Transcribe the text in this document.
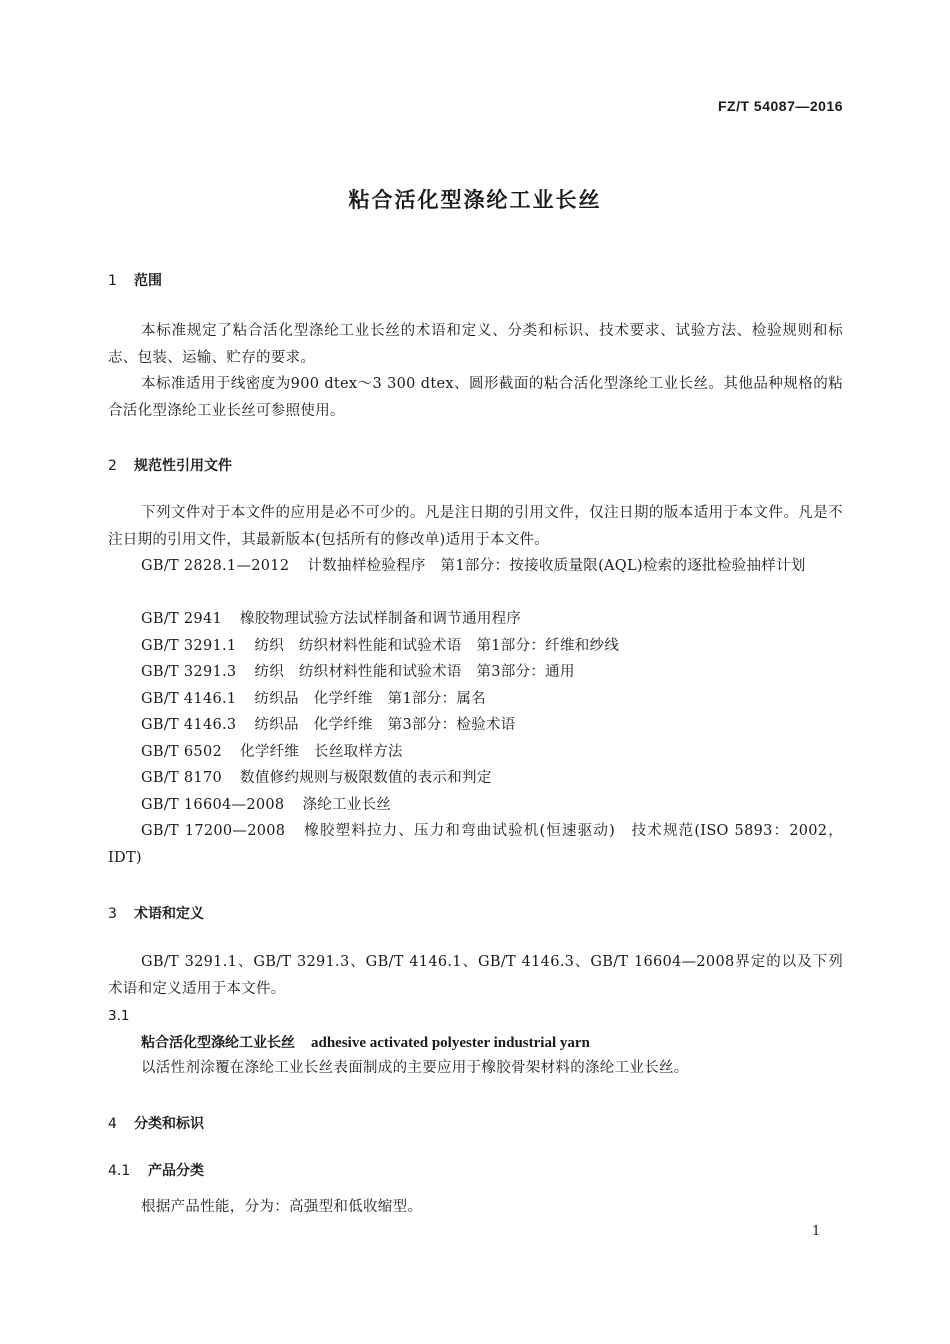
FZ/T 54087—2016
粘合活化型涤纶工业长丝
1 范围
本标准规定了粘合活化型涤纶工业长丝的术语和定义、分类和标识、技术要求、试验方法、检验规则和标志、包装、运输、贮存的要求。
本标准适用于线密度为900 dtex～3 300 dtex、圆形截面的粘合活化型涤纶工业长丝。其他品种规格的粘合活化型涤纶工业长丝可参照使用。
2 规范性引用文件
下列文件对于本文件的应用是必不可少的。凡是注日期的引用文件，仅注日期的版本适用于本文件。凡是不注日期的引用文件，其最新版本(包括所有的修改单)适用于本文件。
GB/T 2828.1—2012 计数抽样检验程序　第1部分：按接收质量限(AQL)检索的逐批检验抽样计划
GB/T 2941 橡胶物理试验方法试样制备和调节通用程序
GB/T 3291.1 纺织　纺织材料性能和试验术语　第1部分：纤维和纱线
GB/T 3291.3 纺织　纺织材料性能和试验术语　第3部分：通用
GB/T 4146.1 纺织品　化学纤维　第1部分：属名
GB/T 4146.3 纺织品　化学纤维　第3部分：检验术语
GB/T 6502 化学纤维　长丝取样方法
GB/T 8170 数值修约规则与极限数值的表示和判定
GB/T 16604—2008 涤纶工业长丝
GB/T 17200—2008 橡胶塑料拉力、压力和弯曲试验机(恒速驱动)　技术规范(ISO 5893：2002，IDT)
3 术语和定义
GB/T 3291.1、GB/T 3291.3、GB/T 4146.1、GB/T 4146.3、GB/T 16604—2008界定的以及下列术语和定义适用于本文件。
3.1
粘合活化型涤纶工业长丝 adhesive activated polyester industrial yarn
以活性剂涂覆在涤纶工业长丝表面制成的主要应用于橡胶骨架材料的涤纶工业长丝。
4 分类和标识
4.1 产品分类
根据产品性能，分为：高强型和低收缩型。
1
